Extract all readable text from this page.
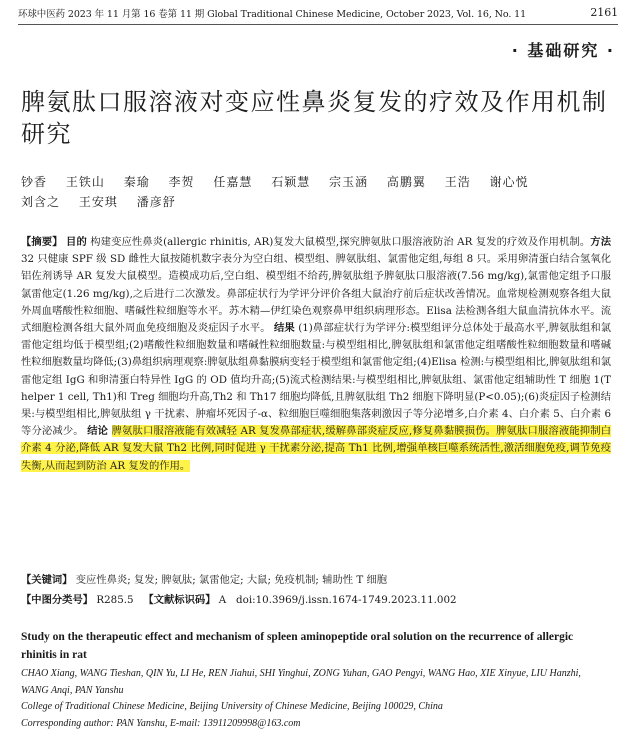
环球中医药 2023 年 11 月第 16 卷第 11 期 Global Traditional Chinese Medicine, October 2023, Vol. 16, No. 11	2161
· 基础研究 ·
脾氨肽口服溶液对变应性鼻炎复发的疗效及作用机制研究
钞香 王铁山 秦瑜 李贺 任嘉慧 石颖慧 宗玉涵 高鹏翼 王浩 谢心悦
刘含之 王安琪 潘彦舒
【摘要】 目的 构建变应性鼻炎(allergic rhinitis, AR)复发大鼠模型,探究脾氨肽口服溶液防治 AR 复发的疗效及作用机制。方法 32 只健康 SPF 级 SD 雌性大鼠按随机数字表分为空白组、模型组、脾氨肽组、氯雷他定组,每组 8 只。采用卵清蛋白结合氢氧化铝佐剂诱导 AR 复发大鼠模型。造模成功后,空白组、模型组不给药,脾氨肽组予脾氨肽口服溶液(7.56 mg/kg),氯雷他定组予口服氯雷他定(1.26 mg/kg),之后进行二次激发。鼻部症状行为学评分评价各组大鼠治疗前后症状改善情况。血常规检测观察各组大鼠外周血嗜酸性粒细胞、嗜碱性粒细胞等水平。苏木精—伊红染色观察鼻甲组织病理形态。Elisa 法检测各组大鼠血清抗体水平。流式细胞检测各组大鼠外周血免疫细胞及炎症因子水平。 结果 (1)鼻部症状行为学评分:模型组评分总体处于最高水平,脾氨肽组和氯雷他定组均低于模型组;(2)嗜酸性粒细胞数量和嗜碱性粒细胞数量:与模型组相比,脾氨肽组和氯雷他定组嗜酸性粒细胞数量和嗜碱性粒细胞数量均降低;(3)鼻组织病理观察:脾氨肽组鼻黏膜病变轻于模型组和氯雷他定组;(4)Elisa 检测:与模型组相比,脾氨肽组和氯雷他定组 IgG 和卵清蛋白特异性 IgG 的 OD 值均升高;(5)流式检测结果:与模型组相比,脾氨肽组、氯雷他定组辅助性 T 细胞 1(T helper 1 cell, Th1)和 Treg 细胞均升高,Th2 和 Th17 细胞均降低,且脾氨肽组 Th2 细胞下降明显(P<0.05);(6)炎症因子检测结果:与模型组相比,脾氨肽组 γ 干扰素、肿瘤坏死因子-α、粒细胞巨噬细胞集落刺激因子等分泌增多,白介素 4、白介素 5、白介素 6 等分泌减少。 结论 脾氨肽口服溶液能有效减轻 AR 复发鼻部症状,缓解鼻部炎症反应,修复鼻黏膜损伤。脾氨肽口服溶液能抑制白介素 4 分泌,降低 AR 复发大鼠 Th2 比例,同时促进 γ 干扰素分泌,提高 Th1 比例,增强单核巨噬系统活性,激活细胞免疫,调节免疫失衡,从而起到防治 AR 复发的作用。
【关键词】 变应性鼻炎; 复发; 脾氨肽; 氯雷他定; 大鼠; 免疫机制; 辅助性 T 细胞
【中图分类号】 R285.5 【文献标识码】 A doi:10.3969/j.issn.1674-1749.2023.11.002
Study on the therapeutic effect and mechanism of spleen aminopeptide oral solution on the recurrence of allergic rhinitis in rat
CHAO Xiang, WANG Tieshan, QIN Yu, LI He, REN Jiahui, SHI Yinghui, ZONG Yuhan, GAO Pengyi, WANG Hao, XIE Xinyue, LIU Hanzhi, WANG Anqi, PAN Yanshu
College of Traditional Chinese Medicine, Beijing University of Chinese Medicine, Beijing 100029, China
Corresponding author: PAN Yanshu, E-mail: 13911209998@163.com
